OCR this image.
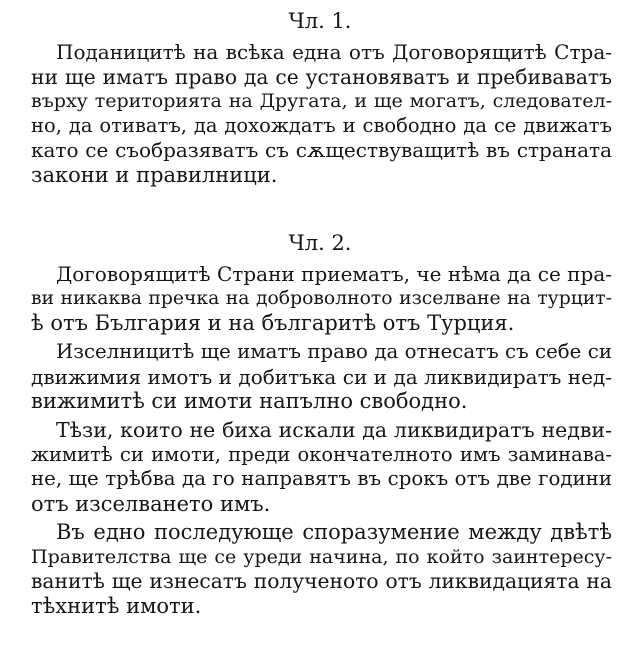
Чл. 1.
Поданицитѣ на всѣка една отъ Договорящитѣ Стра-
ни ще иматъ право да се установяватъ и пребиваватъ
върху територията на Другата, и ще могатъ, следовател-
но, да отиватъ, да дохождатъ и свободно да се движатъ
като се съобразяватъ съ сѫществуващитѣ въ страната
закони и правилници.
Чл. 2.
Договорящитѣ Страни приематъ, че нѣма да се пра-
ви никаква пречка на доброволното изселване на турцит-
ѣ отъ България и на българитѣ отъ Турция.
Изселницитѣ ще иматъ право да отнесатъ съ себе си
движимия имотъ и добитъка си и да ликвидиратъ нед-
вижимитѣ си имоти напълно свободно.
Тѣзи, които не биха искали да ликвидиратъ недви-
жимитѣ си имоти, преди окончателното имъ заминава-
не, ще трѣбва да го направятъ въ срокъ отъ две години
отъ изселването имъ.
Въ едно последующе споразумение между двѣтѣ
Правителства ще се уреди начина, по който заинтересу-
ванитѣ ще изнесатъ полученото отъ ликвидацията на
тѣхнитѣ имоти.
